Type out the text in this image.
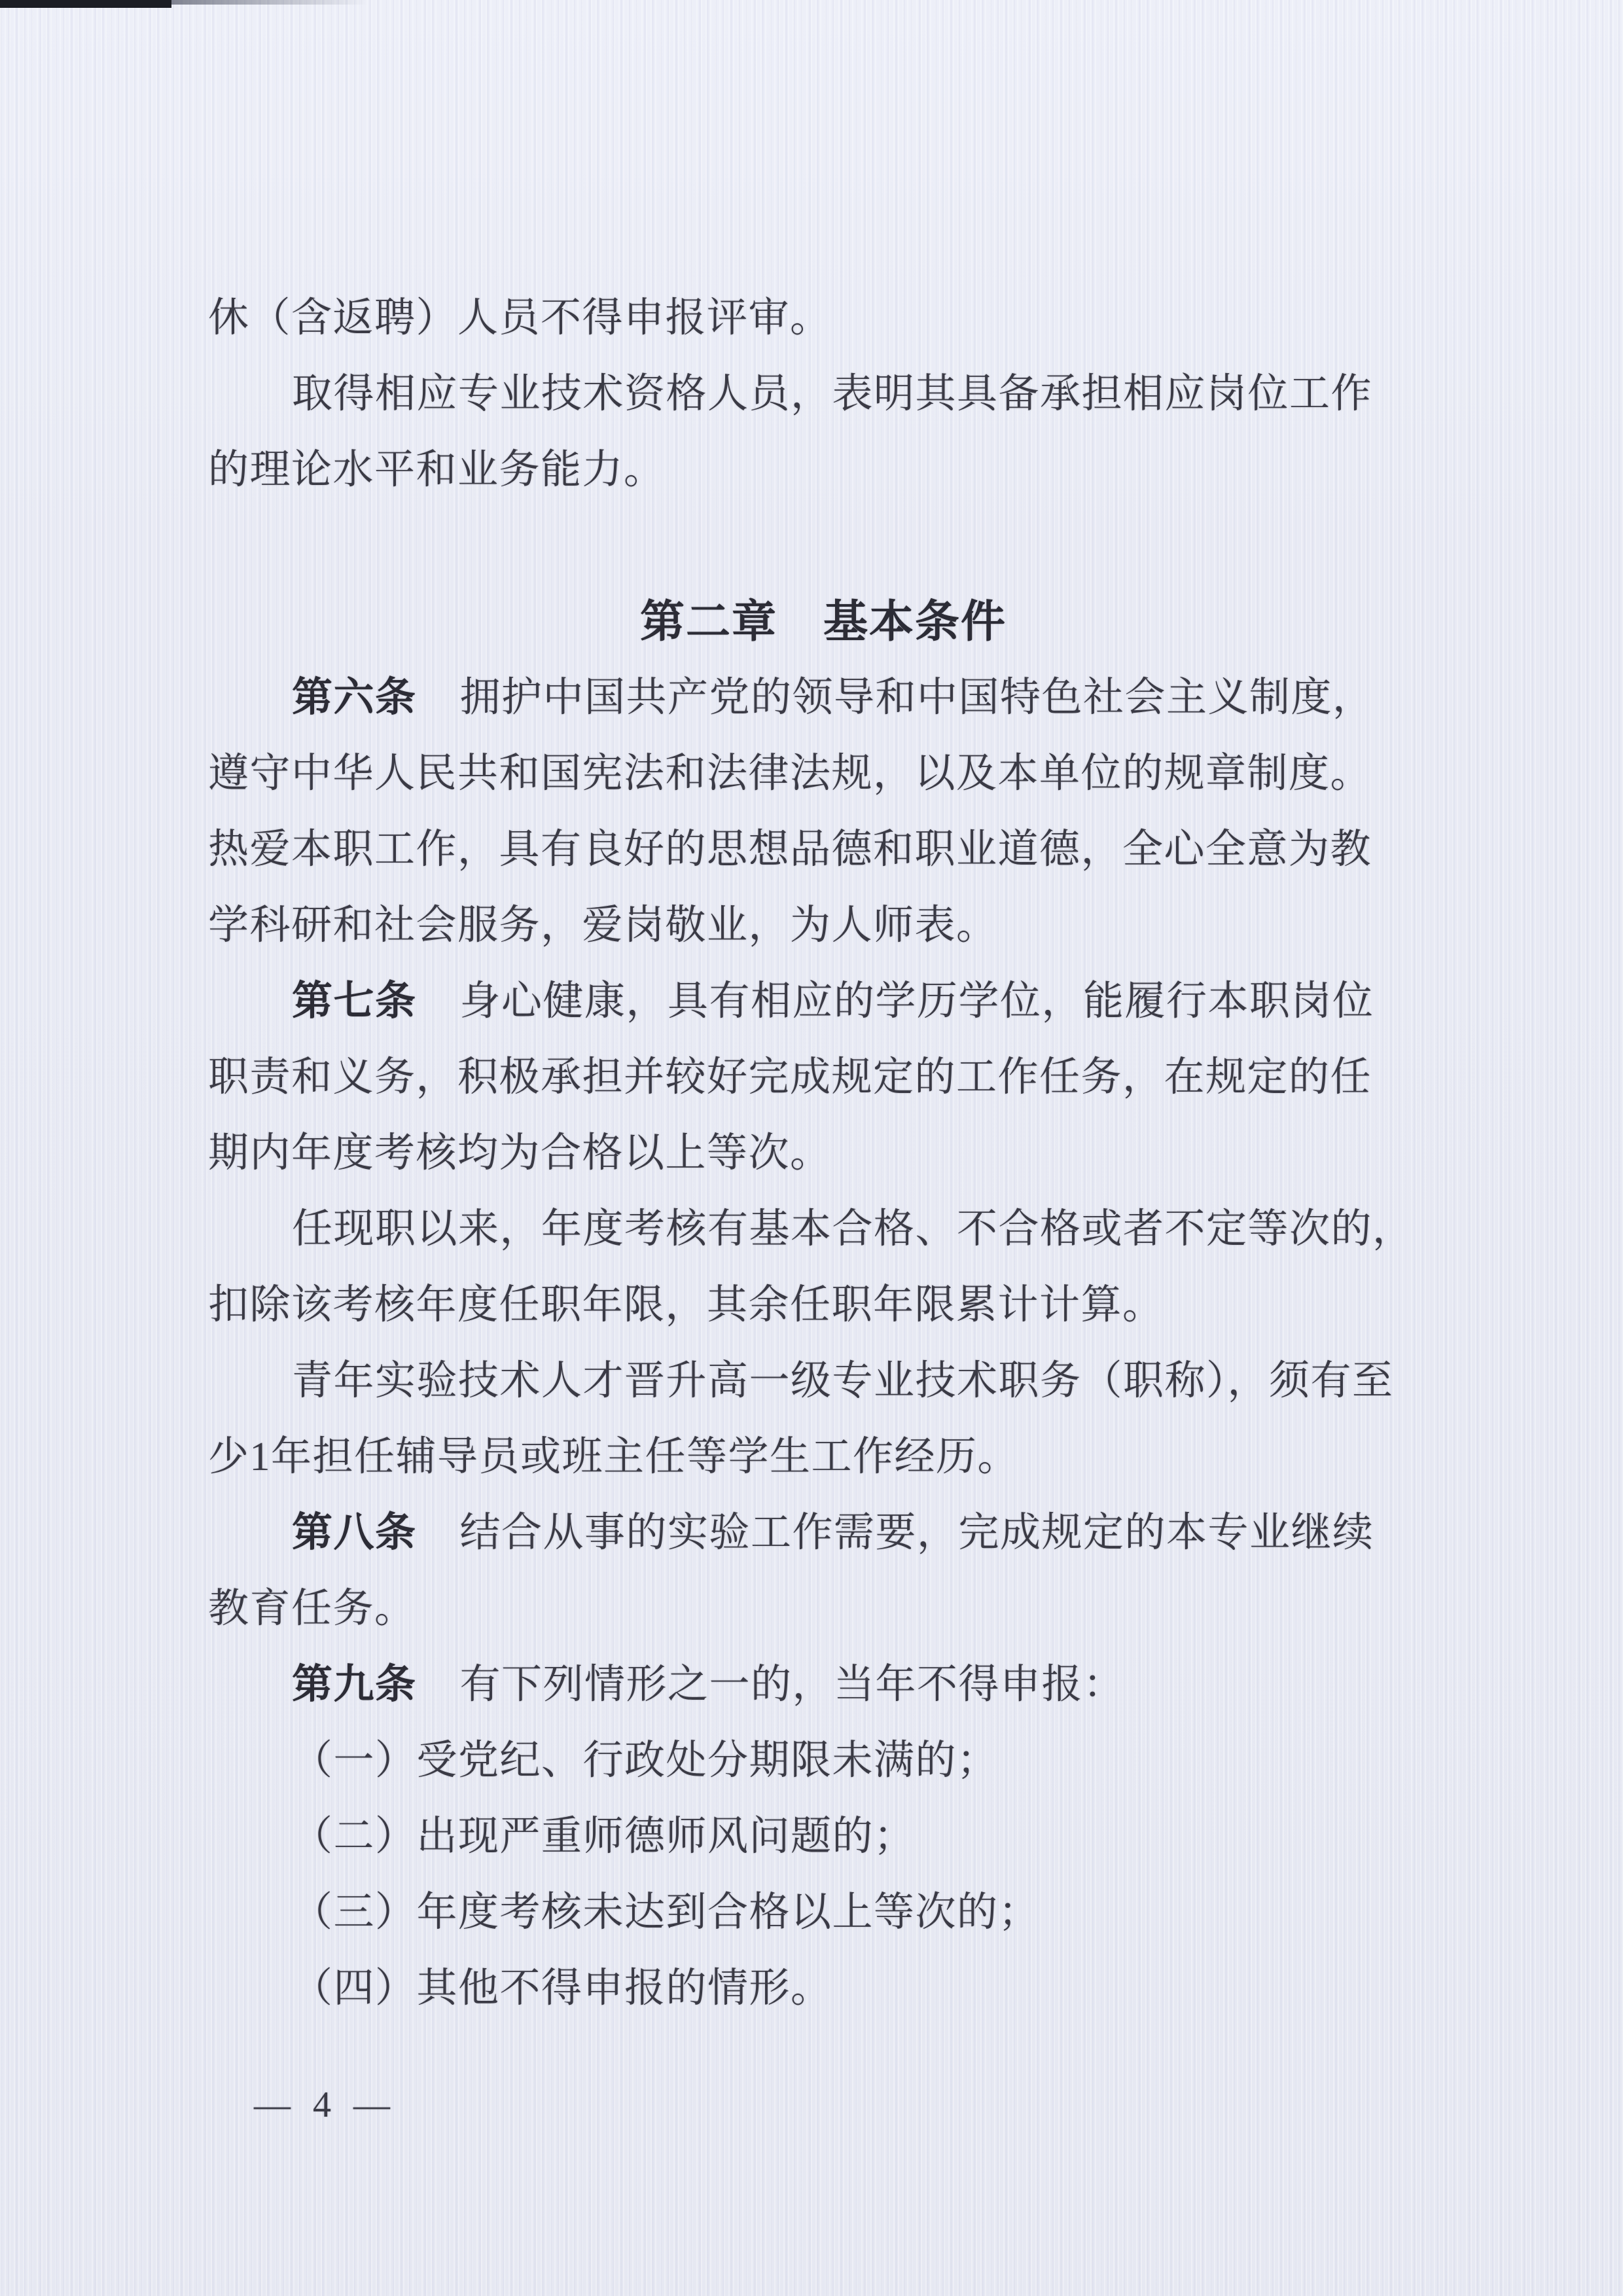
休（含返聘）人员不得申报评审。
取得相应专业技术资格人员，表明其具备承担相应岗位工作
的理论水平和业务能力。
第二章　基本条件
第六条 拥护中国共产党的领导和中国特色社会主义制度，
遵守中华人民共和国宪法和法律法规，以及本单位的规章制度。
热爱本职工作，具有良好的思想品德和职业道德，全心全意为教
学科研和社会服务，爱岗敬业，为人师表。
第七条 身心健康，具有相应的学历学位，能履行本职岗位
职责和义务，积极承担并较好完成规定的工作任务，在规定的任
期内年度考核均为合格以上等次。
任现职以来，年度考核有基本合格、不合格或者不定等次的，
扣除该考核年度任职年限，其余任职年限累计计算。
青年实验技术人才晋升高一级专业技术职务（职称），须有至
少1年担任辅导员或班主任等学生工作经历。
第八条 结合从事的实验工作需要，完成规定的本专业继续
教育任务。
第九条 有下列情形之一的，当年不得申报：
（一）受党纪、行政处分期限未满的；
（二）出现严重师德师风问题的；
（三）年度考核未达到合格以上等次的；
（四）其他不得申报的情形。
— 4 —
